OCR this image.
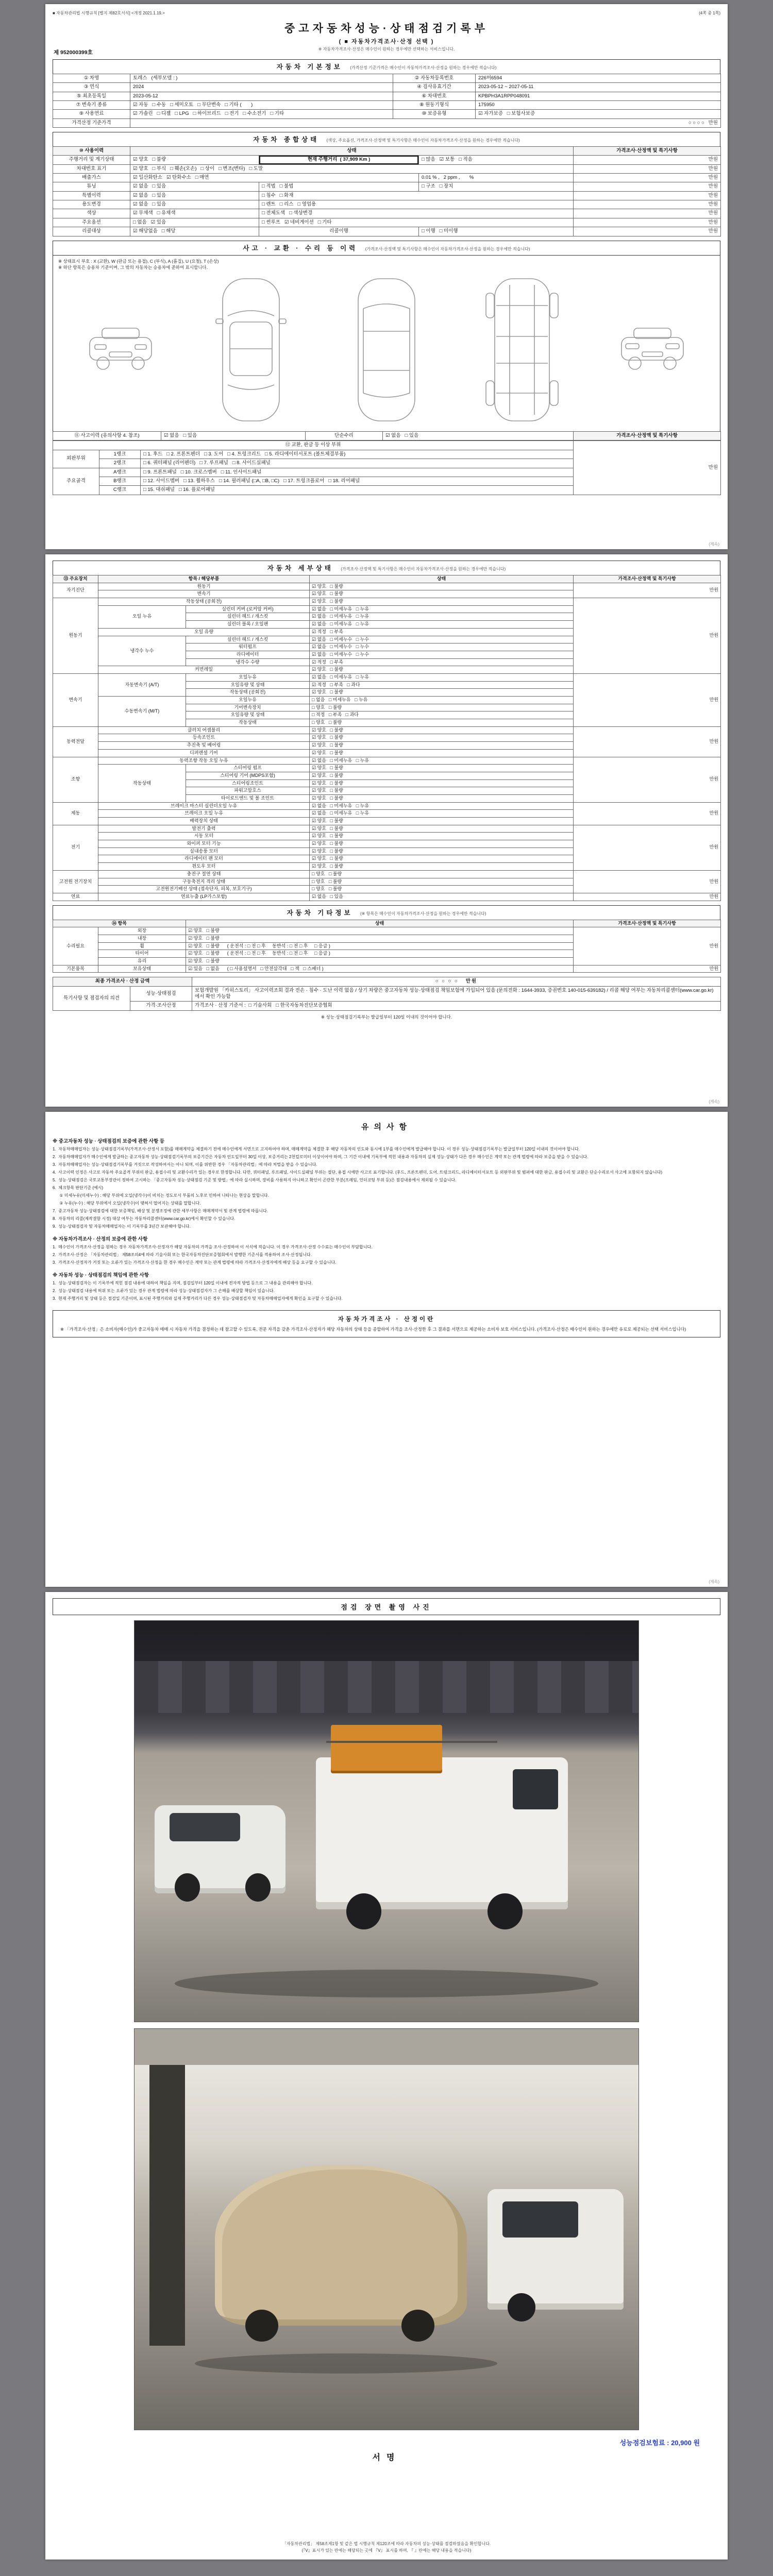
■ 자동차관리법 시행규칙 [별지 제82호서식] <개정 2021.1.19.>	(4쪽 중 1쪽)
중고자동차성능·상태점검기록부
( ■ 자동차가격조사·산정 선택 )
※ 자동차가격조사·산정은 매수인이 원하는 경우에만 선택하는 서비스입니다.
제 952000399호
자동차 기본정보 (가격산정 기준가격은 매수인이 자동차가격조사·산정을 원하는 경우에만 적습니다)
① 차명	토레스   (세부모델 : )	② 자동차등록번호	226머6594
③ 연식	2024	④ 검사유효기간	2023-05-12 ~ 2027-05-11
⑤ 최초등록일	2023-05-12	⑥ 차대번호	KPBPH3A1RPP048091
⑦ 변속기 종류	☑ 자동   □ 수동   □ 세미오토   □ 무단변속   □ 기타 (       )	⑧ 원동기형식	175950
⑨ 사용연료	☑ 가솔린   □ 디젤   □ LPG   □ 하이브리드   □ 전기   □ 수소전기   □ 기타	⑩ 보증유형	☑ 자가보증   □ 보험사보증
가격산정 기준가격	○ ○ ○ ○   만원		
자동차 종합상태 (색상, 주요옵션, 가격조사·산정액 및 특기사항은 매수인이 자동차가격조사·산정을 원하는 경우에만 적습니다)
⑩ 사용이력	상태			가격조사·산정액 및 특기사항
주행거리 및 계기상태	☑ 양호   □ 불량	현재 주행거리  ( 37,909 Km )	□ 많음   ☑ 보통   □ 적음	만원
차대번호 표기	☑ 양호   □ 부식   □ 훼손(오손)   □ 상이   □ 변조(변타)   □ 도말			만원
배출가스	☑ 일산화탄소   ☑ 탄화수소   □ 매연		0.01 % ,   2 ppm ,       %	만원
튜닝	☑ 없음   □ 있음	□ 적법   □ 불법	□ 구조   □ 장치	만원
특별이력	☑ 없음   □ 있음	□ 침수   □ 화재		만원
용도변경	☑ 없음   □ 있음	□ 렌트   □ 리스   □ 영업용		만원
색상	☑ 무채색   □ 유채색	□ 전체도색   □ 색상변경		만원
주요옵션	□ 없음   ☑ 있음	□ 썬루프   ☑ 네비게이션   □ 기타		만원
리콜대상	☑ 해당없음   □ 해당	리콜이행	□ 이행   □ 미이행	만원
사고 · 교환 · 수리 등 이력 (가격조사·산정액 및 특기사항은 매수인이 자동차가격조사·산정을 원하는 경우에만 적습니다)
※ 상태표시 부호 : X (교환), W (판금 또는 용접), C (부식), A (흠집), U (요철), T (손상)
※ 하단 항목은 승용차 기준이며, 그 밖의 자동차는 승용차에 준하여 표시합니다.
⑪ 사고이력 (유의사항 4. 참조)	☑ 없음   □ 있음	단순수리	☑ 없음   □ 있음	가격조사·산정액 및 특기사항
⑫ 교환, 판금 등 이상 부위			만원
외판부위	1랭크	□ 1. 후드   □ 2. 프론트펜더   □ 3. 도어   □ 4. 트렁크리드   □ 5. 라디에이터서포트 (볼트체결부품)	
	2랭크	□ 6. 쿼터패널 (리어펜더)   □ 7. 루프패널   □ 8. 사이드실패널	
주요골격	A랭크	□ 9. 프론트패널   □ 10. 크로스멤버   □ 11. 인사이드패널	
	B랭크	□ 12. 사이드멤버   □ 13. 휠하우스   □ 14. 필러패널 (□A, □B, □C)   □ 17. 트렁크플로어   □ 18. 리어패널	
	C랭크	□ 15. 대쉬패널   □ 16. 플로어패널	
(계속)
자동차 세부상태 (가격조사·산정액 및 특기사항은 매수인이 자동차가격조사·산정을 원하는 경우에만 적습니다)
⑬ 주요장치	항목 / 해당부품		상태	가격조사·산정액 및 특기사항
자기진단	원동기		☑ 양호   □ 불량	만원
	변속기		☑ 양호   □ 불량	
원동기	작동상태 (공회전)		☑ 양호   □ 불량	만원
	오일 누유	실린더 커버 (로커암 커버)	☑ 없음   □ 미세누유   □ 누유	
		실린더 헤드 / 개스킷	☑ 없음   □ 미세누유   □ 누유	
		실린더 블록 / 오일팬	☑ 없음   □ 미세누유   □ 누유	
	오일 유량		☑ 적정   □ 부족	
	냉각수 누수	실린더 헤드 / 개스킷	☑ 없음   □ 미세누수   □ 누수	
		워터펌프	☑ 없음   □ 미세누수   □ 누수	
		라디에이터	☑ 없음   □ 미세누수   □ 누수	
		냉각수 수량	☑ 적정   □ 부족	
	커먼레일		☑ 양호   □ 불량	
변속기	자동변속기 (A/T)	오일누유	☑ 없음   □ 미세누유   □ 누유	만원
		오일유량 및 상태	☑ 적정   □ 부족   □ 과다	
		작동상태 (공회전)	☑ 양호   □ 불량	
	수동변속기 (M/T)	오일누유	□ 없음   □ 미세누유   □ 누유	
		기어변속장치	□ 양호   □ 불량	
		오일유량 및 상태	□ 적정   □ 부족   □ 과다	
		작동상태	□ 양호   □ 불량	
동력전달	클러치 어셈블리		☑ 양호   □ 불량	만원
	등속조인트		☑ 양호   □ 불량	
	추진축 및 베어링		☑ 양호   □ 불량	
	디퍼렌셜 기어		☑ 양호   □ 불량	
조향	동력조향 작동 오일 누유		☑ 없음   □ 미세누유   □ 누유	만원
	작동상태	스티어링 펌프	☑ 양호   □ 불량	
		스티어링 기어 (MDPS포함)	☑ 양호   □ 불량	
		스티어링조인트	☑ 양호   □ 불량	
		파워고압호스	☑ 양호   □ 불량	
		타이로드엔드 및 볼 조인트	☑ 양호   □ 불량	
제동	브레이크 마스터 실린더오일 누유		☑ 없음   □ 미세누유   □ 누유	만원
	브레이크 오일 누유		☑ 없음   □ 미세누유   □ 누유	
	배력장치 상태		☑ 양호   □ 불량	
전기	발전기 출력		☑ 양호   □ 불량	만원
	시동 모터		☑ 양호   □ 불량	
	와이퍼 모터 기능		☑ 양호   □ 불량	
	실내송풍 모터		☑ 양호   □ 불량	
	라디에이터 팬 모터		☑ 양호   □ 불량	
	윈도우 모터		☑ 양호   □ 불량	
고전원 전기장치	충전구 절연 상태		□ 양호   □ 불량	만원
	구동축전지 격리 상태		□ 양호   □ 불량	
	고전원전기배선 상태 (접속단자, 피복, 보호기구)		□ 양호   □ 불량	
연료	연료누출 (LP가스포함)		☑ 없음   □ 있음	만원
자동차 기타정보 (※ 항목은 매수인이 자동차가격조사·산정을 원하는 경우에만 적습니다)
⑭ 항목		상태	가격조사·산정액 및 특기사항
수리필요	외장	☑ 양호   □ 불량	만원
	내장	☑ 양호   □ 불량	
	휠	☑ 양호   □ 불량      ( 운전석 : □ 전 □ 후     동반석 : □ 전 □ 후     □ 응급 )	
	타이어	☑ 양호   □ 불량      ( 운전석 : □ 전 □ 후     동반석 : □ 전 □ 후     □ 응급 )	
	유리	☑ 양호   □ 불량	
기본품목	보유상태	☑ 있음   □ 없음      ( □ 사용설명서   □ 안전삼각대   □ 잭   □ 스패너 )	만원
최종 가격조사 · 산정 금액		○ ○ ○ ○   만원
특기사항 및 점검자의 의견	성능·상태점검	보험개발원 「카히스토리」 사고이력조회 결과 전손 · 침수 · 도난 이력 없음 / 상기 차량은 중고자동차 성능·상태점검 책임보험에 가입되어 있음 (문의전화 : 1644-3933, 증권번호 140-015-639182) / 리콜 해당 여부는 자동차리콜센터(www.car.go.kr)에서 확인 가능함
	가격·조사산정	가격조사 · 산정 기준서 :  □ 기술사회   □ 한국자동차진단보증협회
※ 성능·상태점검기록부는 발급일부터 120일 이내의 것이어야 합니다.
(계속)
유의사항
※ 중고자동차 성능 · 상태점검의 보증에 관한 사항 등
1.  자동차매매업자는 성능·상태점검기록부(가격조사·산정서 포함)를 매매계약을 체결하기 전에 매수인에게 서면으로 고지하여야 하며, 매매계약을 체결한 후 해당 자동차의 인도와 동시에 1부를 매수인에게 발급해야 합니다. 이 경우 성능·상태점검기록부는 발급일부터 120일 이내의 것이어야 합니다.
2.  자동차매매업자가 매수인에게 발급하는 중고자동차 성능·상태점검기록부의 보증기간은 자동차 인도일부터 30일 이상, 보증거리는 2천킬로미터 이상이어야 하며, 그 기간 이내에 기록부에 적힌 내용과 자동차의 실제 성능·상태가 다른 경우 매수인은 계약 또는 관계 법령에 따라 보증을 받을 수 있습니다.
3.  자동차매매업자는 성능·상태점검기록부를 거짓으로 작성하여서는 아니 되며, 이를 위반한 경우 「자동차관리법」에 따라 처벌을 받을 수 있습니다.
4.  사고이력 인정은 사고로 자동차 주요골격 부위의 판금, 용접수리 및 교환수리가 있는 경우로 한정합니다. 다만, 쿼터패널, 루프패널, 사이드실패널 부위는 절단, 용접 시에만 사고로 표기합니다. (후드, 프론트펜더, 도어, 트렁크리드, 라디에이터서포트 등 외판부위 및 범퍼에 대한 판금, 용접수리 및 교환은 단순수리로서 사고에 포함되지 않습니다)
5.  성능·상태점검은 국토교통부장관이 정하여 고시하는 「중고자동차 성능·상태점검 기준 및 방법」에 따라 실시하며, 장비를 사용하지 아니하고 확인이 곤란한 부분(프레임, 언더코팅 부위 등)은 점검내용에서 제외될 수 있습니다.
6.  체크항목 판단기준 (예시)
① 미세누유(미세누수) : 해당 부위에 오일(냉각수)이 비치는 정도로서 부품의 노후로 인하여 나타나는 현상을 말합니다.
② 누유(누수) : 해당 부위에서 오일(냉각수)이 맺혀서 떨어지는 상태를 말합니다.
7.  중고자동차 성능·상태점검에 대한 보증책임, 배상 및 분쟁조정에 관한 세부사항은 매매계약서 및 관계 법령에 따릅니다.
8.  자동차의 리콜(제작결함 시정) 대상 여부는 자동차리콜센터(www.car.go.kr)에서 확인할 수 있습니다.
9.  성능·상태점검자 및 자동차매매업자는 이 기록부를 3년간 보관해야 합니다.
※ 자동차가격조사 · 산정의 보증에 관한 사항
1.  매수인이 가격조사·산정을 원하는 경우 자동차가격조사·산정자가 해당 자동차의 가격을 조사·산정하여 이 서식에 적습니다. 이 경우 가격조사·산정 수수료는 매수인이 부담합니다.
2.  가격조사·산정은 「자동차관리법」 제58조의4에 따라 기술사회 또는 한국자동차진단보증협회에서 발행한 기준서를 적용하여 조사·산정됩니다.
3.  가격조사·산정자가 거짓 또는 오류가 있는 가격조사·산정을 한 경우 매수인은 계약 또는 관계 법령에 따라 가격조사·산정자에게 배상 등을 요구할 수 있습니다.
※ 자동차 성능 · 상태점검의 책임에 관한 사항
1.  성능·상태점검자는 이 기록부에 적힌 점검 내용에 대하여 책임을 지며, 점검일부터 120일 이내에 전자적 방법 등으로 그 내용을 관리해야 합니다.
2.  성능·상태점검 내용에 허위 또는 오류가 있는 경우 관계 법령에 따라 성능·상태점검자가 그 손해를 배상할 책임이 있습니다.
3.  현재 주행거리 및 상태 등은 점검일 기준이며, 표시된 주행거리와 실제 주행거리가 다른 경우 성능·상태점검자 및 자동차매매업자에게 확인을 요구할 수 있습니다.
자동차가격조사 · 산정이란
※ 「가격조사·산정」은 소비자(매수인)가 중고자동차 매매 시 자동차 가격을 결정하는 데 참고할 수 있도록, 전문 자격을 갖춘 가격조사·산정자가 해당 자동차의 상태 등을 종합하여 가격을 조사·산정한 후 그 결과를 서면으로 제공하는 소비자 보호 서비스입니다. (가격조사·산정은 매수인이 원하는 경우에만 유료로 제공되는 선택 서비스입니다)
(계속)
점검 장면 촬영 사진
성능점검보험료 : 20,900 원
서명
「자동차관리법」 제58조제1항 및 같은 법 시행규칙 제120조에 따라 자동차의 성능·상태를 점검하였음을 확인합니다.
(『Ⅴ』표시가 있는 란에는 해당되는 곳에 『Ⅴ』 표시를 하며, 『 』란에는 해당 내용을 적습니다)
